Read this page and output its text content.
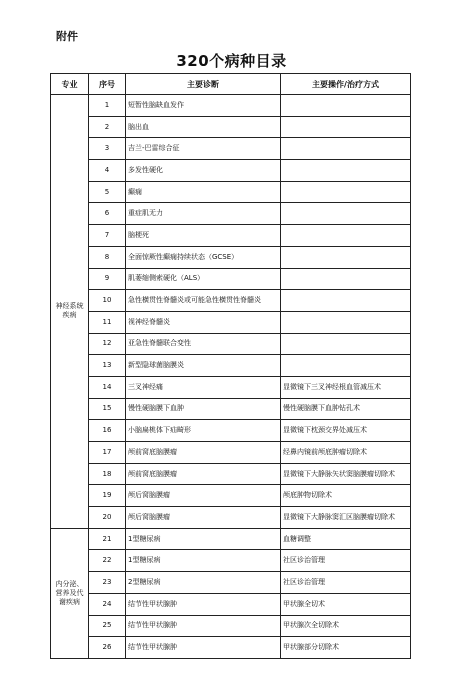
附件
320个病种目录
专业	序号	主要诊断	主要操作/治疗方式
神经系统疾病	1	短暂性脑缺血发作	
	2	脑出血	
	3	吉兰-巴雷综合征	
	4	多发性硬化	
	5	癫痫	
	6	重症肌无力	
	7	脑梗死	
	8	全面惊厥性癫痫持续状态（GCSE）	
	9	肌萎缩侧索硬化（ALS）	
	10	急性横贯性脊髓炎或可能急性横贯性脊髓炎	
	11	视神经脊髓炎	
	12	亚急性脊髓联合变性	
	13	新型隐球菌脑膜炎	
	14	三叉神经痛	显微镜下三叉神经根血管减压术
	15	慢性硬脑膜下血肿	慢性硬脑膜下血肿钻孔术
	16	小脑扁桃体下疝畸形	显微镜下枕颈交界处减压术
	17	颅前窝底脑膜瘤	经鼻内镜前颅底肿瘤切除术
	18	颅前窝底脑膜瘤	显微镜下大静脉矢状窦脑膜瘤切除术
	19	颅后窝脑膜瘤	颅底肿物切除术
	20	颅后窝脑膜瘤	显微镜下大静脉窦汇区脑膜瘤切除术
内分泌、营养及代谢疾病	21	1型糖尿病	血糖调整
	22	1型糖尿病	社区诊治管理
	23	2型糖尿病	社区诊治管理
	24	结节性甲状腺肿	甲状腺全切术
	25	结节性甲状腺肿	甲状腺次全切除术
	26	结节性甲状腺肿	甲状腺部分切除术
